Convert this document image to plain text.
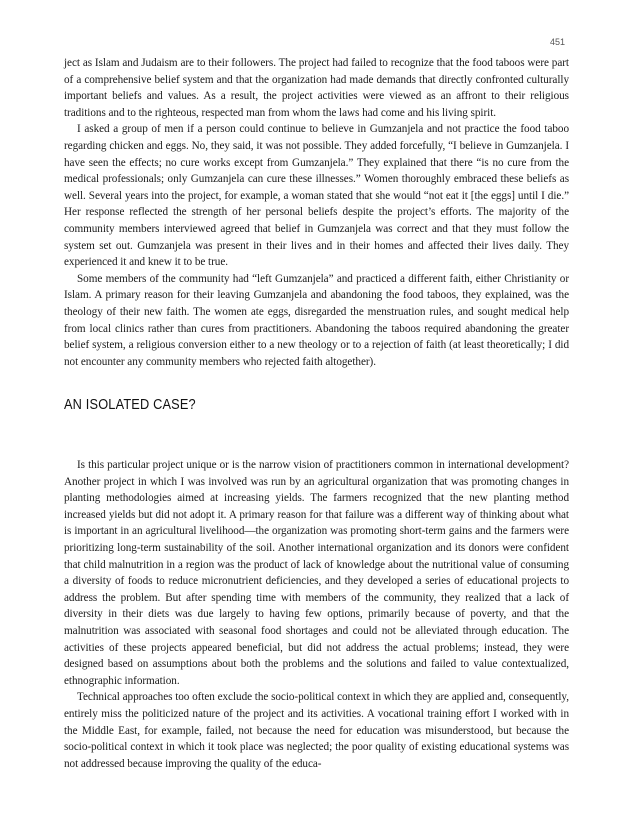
451

ject as Islam and Judaism are to their followers. The project had failed to recognize that the food taboos were part of a comprehensive belief system and that the organization had made demands that directly confronted culturally important beliefs and values. As a result, the project activities were viewed as an affront to their religious traditions and to the righteous, respected man from whom the laws had come and his living spirit.

I asked a group of men if a person could continue to believe in Gumzanjela and not practice the food taboo regarding chicken and eggs. No, they said, it was not possible. They added forcefully, “I believe in Gumzanjela. I have seen the effects; no cure works except from Gumzanjela.” They explained that there “is no cure from the medical professionals; only Gumzanjela can cure these illnesses.” Women thoroughly embraced these beliefs as well. Several years into the project, for example, a woman stated that she would “not eat it [the eggs] until I die.” Her response reflected the strength of her personal beliefs despite the project’s efforts. The majority of the community members interviewed agreed that belief in Gumzanjela was correct and that they must follow the system set out. Gumzanjela was present in their lives and in their homes and affected their lives daily. They experienced it and knew it to be true.

Some members of the community had “left Gumzanjela” and practiced a different faith, either Christianity or Islam. A primary reason for their leaving Gumzanjela and abandoning the food taboos, they explained, was the theology of their new faith. The women ate eggs, disregarded the menstruation rules, and sought medical help from local clinics rather than cures from practitioners. Abandoning the taboos required abandoning the greater belief system, a religious conversion either to a new theology or to a rejection of faith (at least theoretically; I did not encounter any community members who rejected faith altogether).

AN ISOLATED CASE?

Is this particular project unique or is the narrow vision of practitioners common in international development? Another project in which I was involved was run by an agricultural organization that was promoting changes in planting methodologies aimed at increasing yields. The farmers recognized that the new planting method increased yields but did not adopt it. A primary reason for that failure was a different way of thinking about what is important in an agricultural livelihood—the organization was promoting short-term gains and the farmers were prioritizing long-term sustainability of the soil. Another international organization and its donors were confident that child malnutrition in a region was the product of lack of knowledge about the nutritional value of consuming a diversity of foods to reduce micronutrient deficiencies, and they developed a series of educational projects to address the problem. But after spending time with members of the community, they realized that a lack of diversity in their diets was due largely to having few options, primarily because of poverty, and that the malnutrition was associated with seasonal food shortages and could not be alleviated through education. The activities of these projects appeared beneficial, but did not address the actual problems; instead, they were designed based on assumptions about both the problems and the solutions and failed to value contextualized, ethnographic information.

Technical approaches too often exclude the socio-political context in which they are applied and, consequently, entirely miss the politicized nature of the project and its activities. A vocational training effort I worked with in the Middle East, for example, failed, not because the need for education was misunderstood, but because the socio-political context in which it took place was neglected; the poor quality of existing educational systems was not addressed because improving the quality of the educa-
